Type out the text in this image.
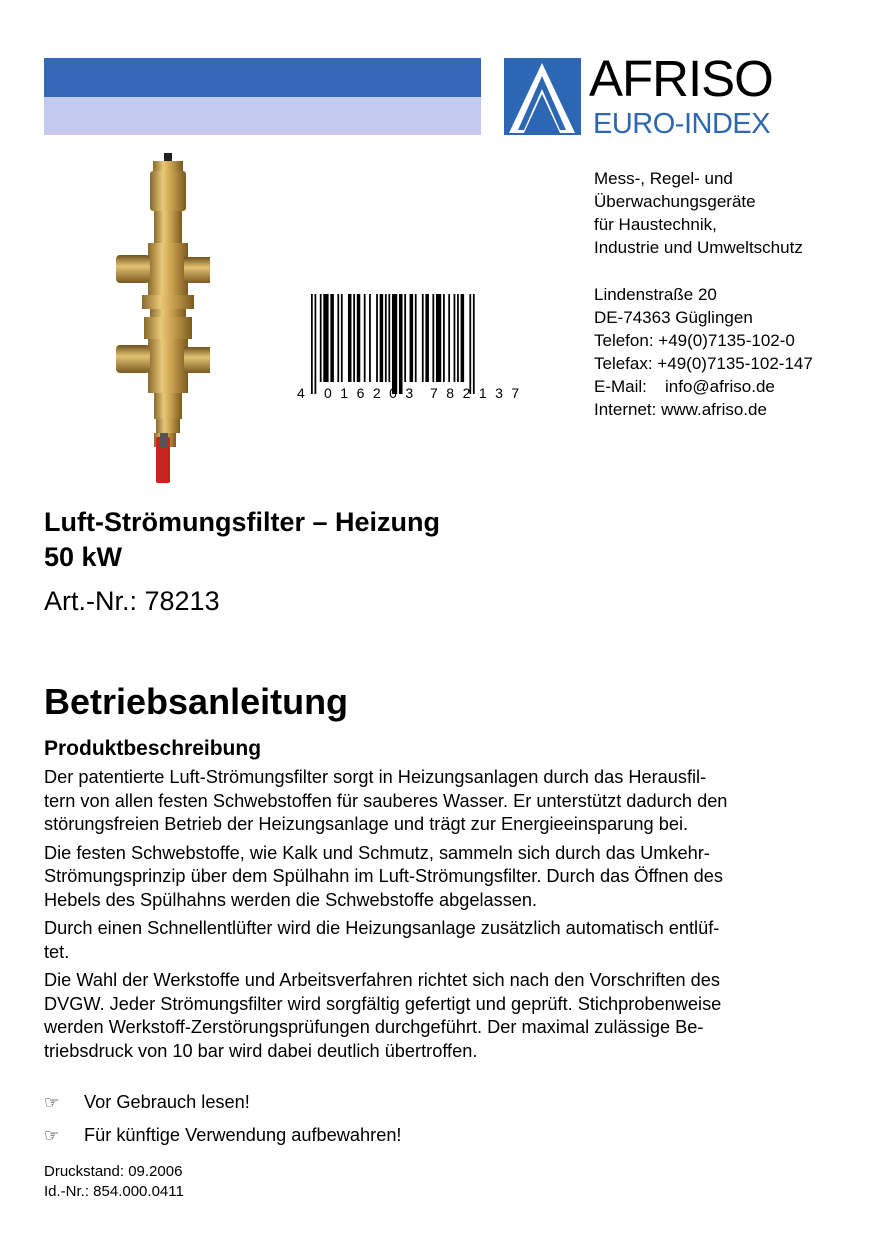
AFRISO
EURO-INDEX
Mess-, Regel- und
Überwachungsgeräte
für Haustechnik,
Industrie und Umweltschutz
Lindenstraße 20
DE-74363 Güglingen
Telefon: +49(0)7135-102-0
Telefax: +49(0)7135-102-147
E-Mail: info@afriso.de
Internet: www.afriso.de
4 016203 782137
Luft-Strömungsfilter – Heizung
50 kW
Art.-Nr.: 78213
Betriebsanleitung
Produktbeschreibung

Der patentierte Luft-Strömungsfilter sorgt in Heizungsanlagen durch das Herausfil-
tern von allen festen Schwebstoffen für sauberes Wasser. Er unterstützt dadurch den
störungsfreien Betrieb der Heizungsanlage und trägt zur Energieeinsparung bei.

Die festen Schwebstoffe, wie Kalk und Schmutz, sammeln sich durch das Umkehr-
Strömungsprinzip über dem Spülhahn im Luft-Strömungsfilter. Durch das Öffnen des
Hebels des Spülhahns werden die Schwebstoffe abgelassen.

Durch einen Schnellentlüfter wird die Heizungsanlage zusätzlich automatisch entlüf-
tet.

Die Wahl der Werkstoffe und Arbeitsverfahren richtet sich nach den Vorschriften des
DVGW. Jeder Strömungsfilter wird sorgfältig gefertigt und geprüft. Stichprobenweise
werden Werkstoff-Zerstörungsprüfungen durchgeführt. Der maximal zulässige Be-
triebsdruck von 10 bar wird dabei deutlich übertroffen.

☞ Vor Gebrauch lesen!
☞ Für künftige Verwendung aufbewahren!
Druckstand: 09.2006
Id.-Nr.: 854.000.0411
